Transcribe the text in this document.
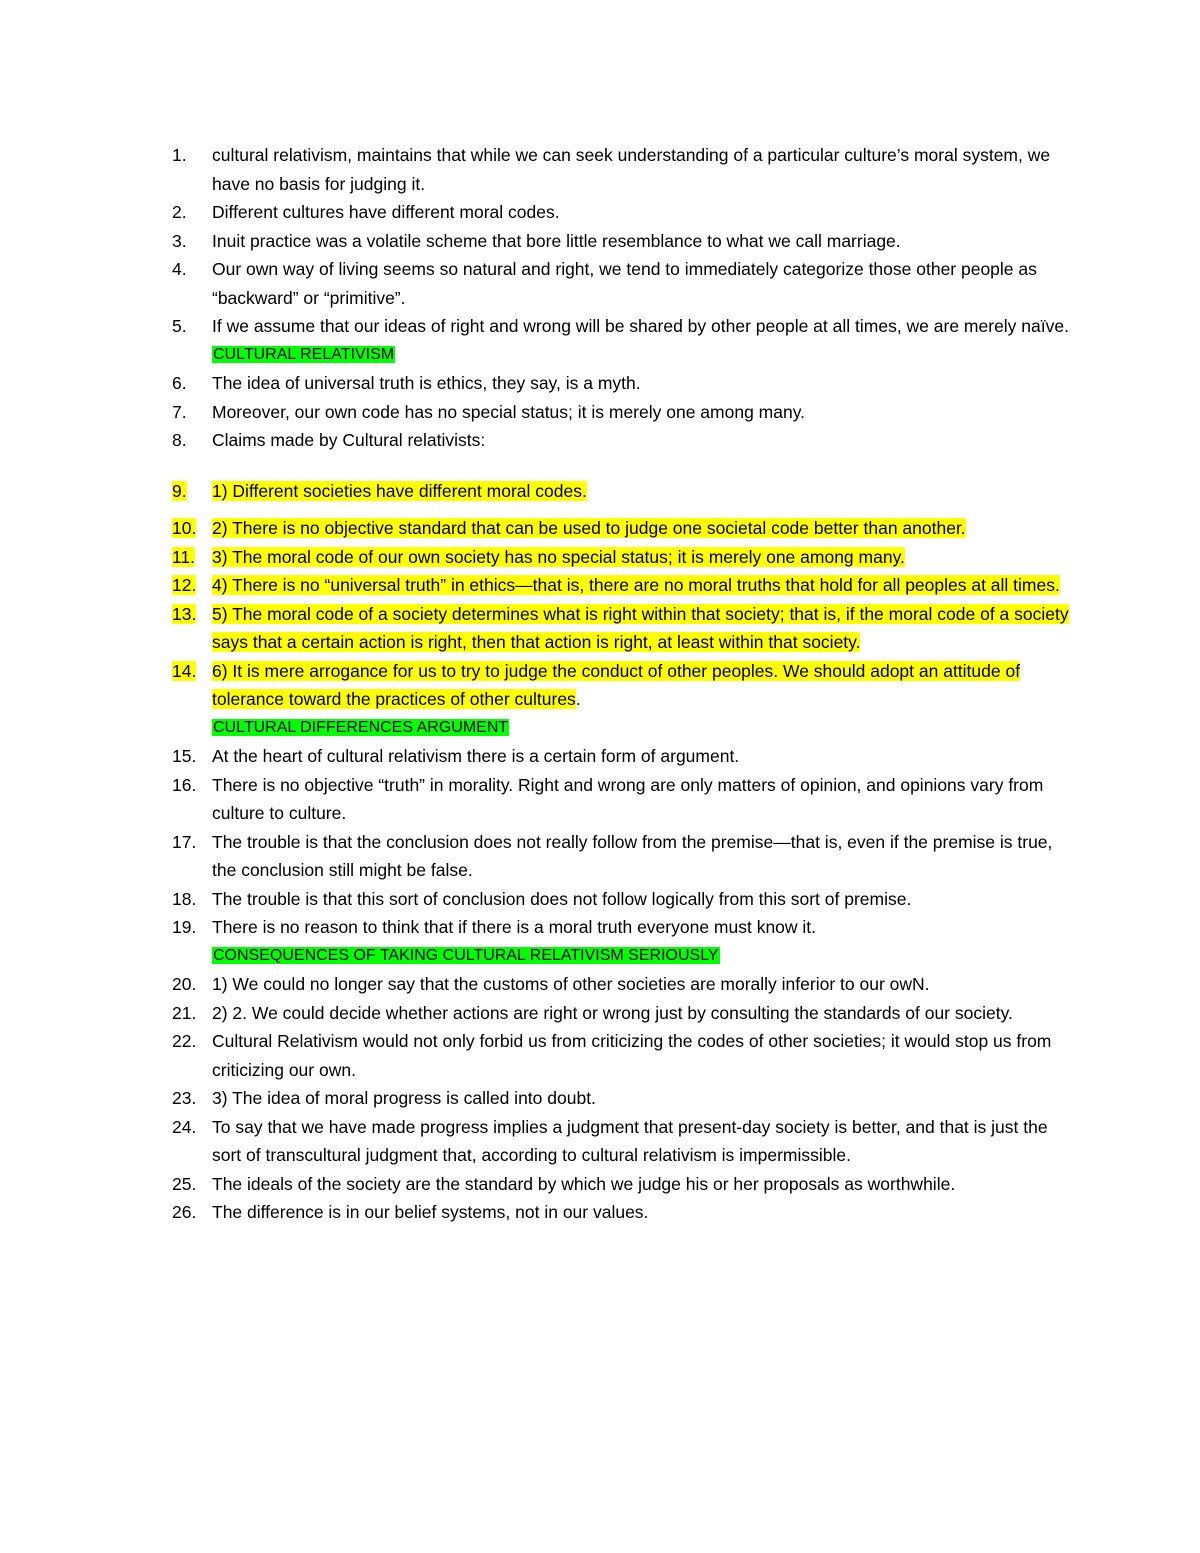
1.	cultural relativism, maintains that while we can seek understanding of a particular culture’s moral system, we have no basis for judging it.
2.	Different cultures have different moral codes.
3.	Inuit practice was a volatile scheme that bore little resemblance to what we call marriage.
4.	Our own way of living seems so natural and right, we tend to immediately categorize those other people as “backward” or “primitive”.
5.	If we assume that our ideas of right and wrong will be shared by other people at all times, we are merely naïve.
CULTURAL RELATIVISM
6.	The idea of universal truth is ethics, they say, is a myth.
7.	Moreover, our own code has no special status; it is merely one among many.
8.	Claims made by Cultural relativists:
9.	1) Different societies have different moral codes.
10. 2) There is no objective standard that can be used to judge one societal code better than another.
11. 3) The moral code of our own society has no special status; it is merely one among many.
12. 4) There is no “universal truth” in ethics—that is, there are no moral truths that hold for all peoples at all times.
13. 5) The moral code of a society determines what is right within that society; that is, if the moral code of a society says that a certain action is right, then that action is right, at least within that society.
14. 6) It is mere arrogance for us to try to judge the conduct of other peoples. We should adopt an attitude of tolerance toward the practices of other cultures.
CULTURAL DIFFERENCES ARGUMENT
15. At the heart of cultural relativism there is a certain form of argument.
16. There is no objective “truth” in morality. Right and wrong are only matters of opinion, and opinions vary from culture to culture.
17. The trouble is that the conclusion does not really follow from the premise—that is, even if the premise is true, the conclusion still might be false.
18. The trouble is that this sort of conclusion does not follow logically from this sort of premise.
19. There is no reason to think that if there is a moral truth everyone must know it.
CONSEQUENCES OF TAKING CULTURAL RELATIVISM SERIOUSLY
20. 1) We could no longer say that the customs of other societies are morally inferior to our owN.
21. 2) 2. We could decide whether actions are right or wrong just by consulting the standards of our society.
22. Cultural Relativism would not only forbid us from criticizing the codes of other societies; it would stop us from criticizing our own.
23. 3) The idea of moral progress is called into doubt.
24. To say that we have made progress implies a judgment that present-day society is better, and that is just the sort of transcultural judgment that, according to cultural relativism is impermissible.
25. The ideals of the society are the standard by which we judge his or her proposals as worthwhile.
26. The difference is in our belief systems, not in our values.
